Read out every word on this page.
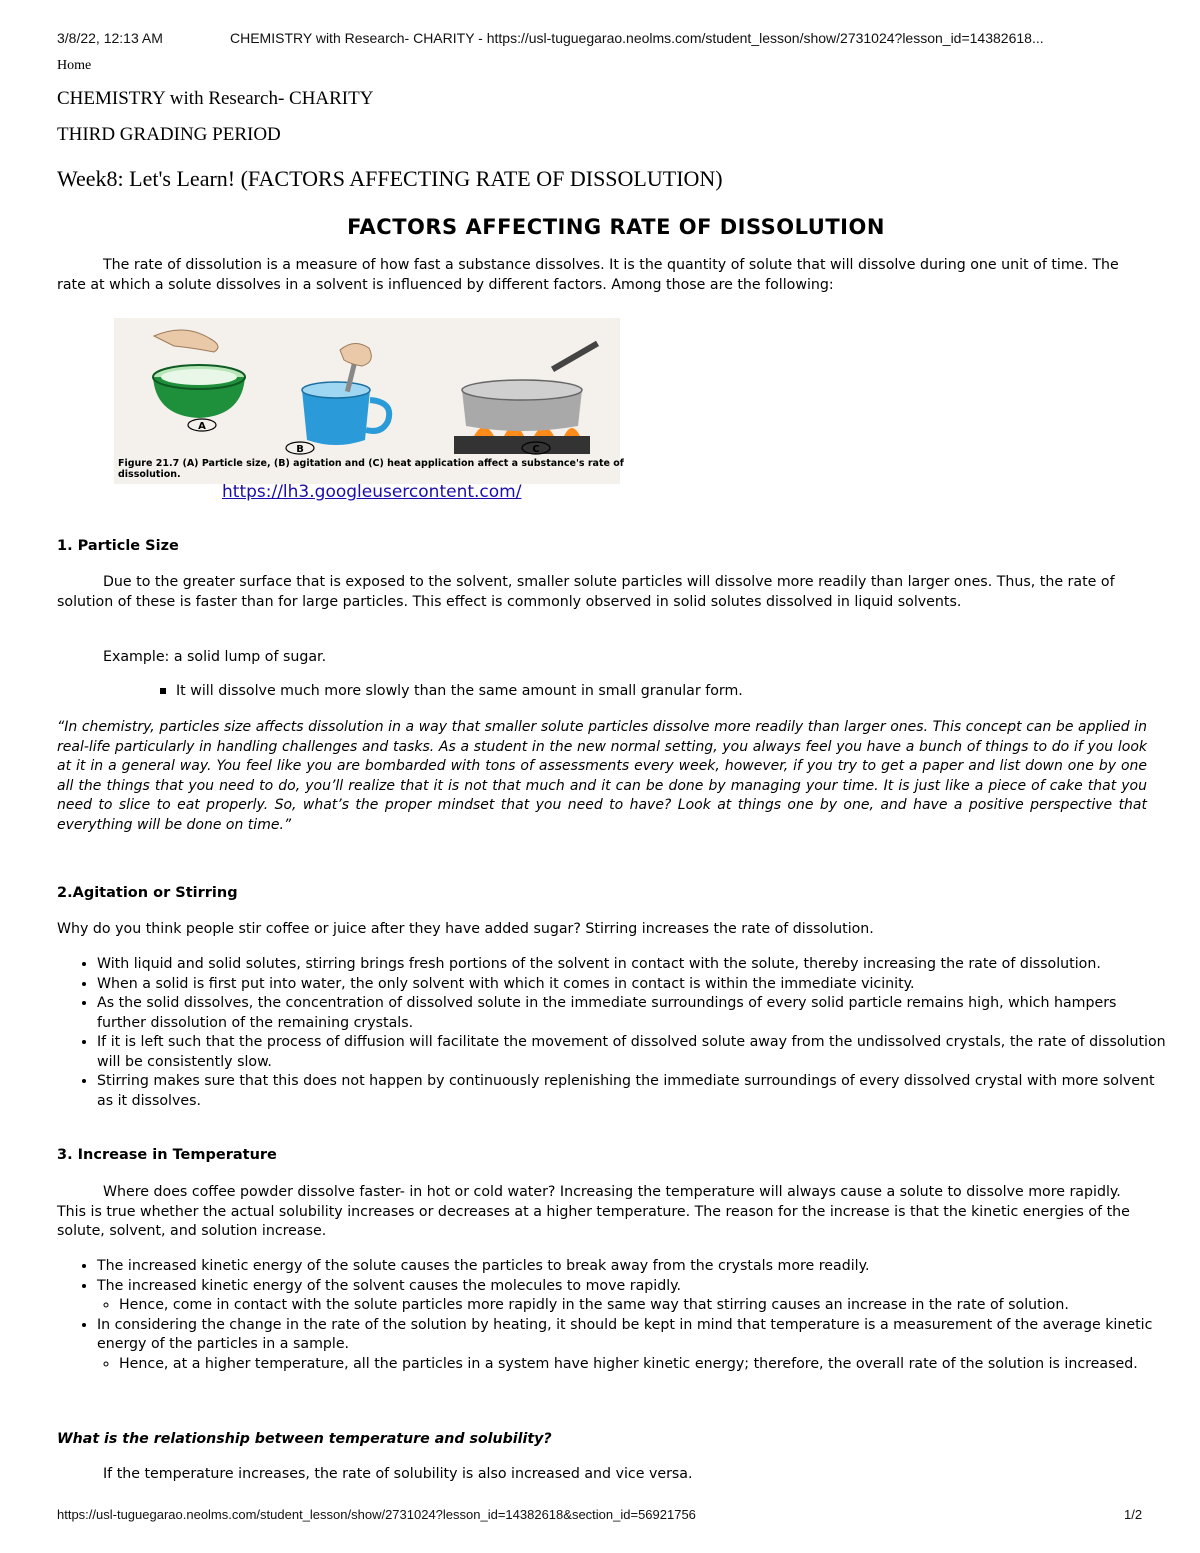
3/8/22, 12:13 AM	CHEMISTRY with Research- CHARITY - https://usl-tuguegarao.neolms.com/student_lesson/show/2731024?lesson_id=14382618...
Home
CHEMISTRY with Research- CHARITY
THIRD GRADING PERIOD
Week8: Let's Learn! (FACTORS AFFECTING RATE OF DISSOLUTION)
FACTORS AFFECTING RATE OF DISSOLUTION
The rate of dissolution is a measure of how fast a substance dissolves. It is the quantity of solute that will dissolve during one unit of time. The rate at which a solute dissolves in a solvent is influenced by different factors. Among those are the following:
A
B	C
Figure 21.7 (A) Particle size, (B) agitation and (C) heat application affect a substance's rate of dissolution.
https://lh3.googleusercontent.com/
1. Particle Size
Due to the greater surface that is exposed to the solvent, smaller solute particles will dissolve more readily than larger ones. Thus, the rate of solution of these is faster than for large particles. This effect is commonly observed in solid solutes dissolved in liquid solvents.
Example: a solid lump of sugar.
It will dissolve much more slowly than the same amount in small granular form.
“In chemistry, particles size affects dissolution in a way that smaller solute particles dissolve more readily than larger ones. This concept can be applied in real-life particularly in handling challenges and tasks. As a student in the new normal setting, you always feel you have a bunch of things to do if you look at it in a general way. You feel like you are bombarded with tons of assessments every week, however, if you try to get a paper and list down one by one all the things that you need to do, you’ll realize that it is not that much and it can be done by managing your time. It is just like a piece of cake that you need to slice to eat properly. So, what’s the proper mindset that you need to have? Look at things one by one, and have a positive perspective that everything will be done on time.”
2.Agitation or Stirring
Why do you think people stir coffee or juice after they have added sugar? Stirring increases the rate of dissolution.
• With liquid and solid solutes, stirring brings fresh portions of the solvent in contact with the solute, thereby increasing the rate of dissolution.
• When a solid is first put into water, the only solvent with which it comes in contact is within the immediate vicinity.
• As the solid dissolves, the concentration of dissolved solute in the immediate surroundings of every solid particle remains high, which hampers further dissolution of the remaining crystals.
• If it is left such that the process of diffusion will facilitate the movement of dissolved solute away from the undissolved crystals, the rate of dissolution will be consistently slow.
• Stirring makes sure that this does not happen by continuously replenishing the immediate surroundings of every dissolved crystal with more solvent as it dissolves.
3. Increase in Temperature
Where does coffee powder dissolve faster- in hot or cold water? Increasing the temperature will always cause a solute to dissolve more rapidly. This is true whether the actual solubility increases or decreases at a higher temperature. The reason for the increase is that the kinetic energies of the solute, solvent, and solution increase.
• The increased kinetic energy of the solute causes the particles to break away from the crystals more readily.
• The increased kinetic energy of the solvent causes the molecules to move rapidly.
◦ Hence, come in contact with the solute particles more rapidly in the same way that stirring causes an increase in the rate of solution.
• In considering the change in the rate of the solution by heating, it should be kept in mind that temperature is a measurement of the average kinetic energy of the particles in a sample.
◦ Hence, at a higher temperature, all the particles in a system have higher kinetic energy; therefore, the overall rate of the solution is increased.
What is the relationship between temperature and solubility?
If the temperature increases, the rate of solubility is also increased and vice versa.
https://usl-tuguegarao.neolms.com/student_lesson/show/2731024?lesson_id=14382618&section_id=56921756	1/2
